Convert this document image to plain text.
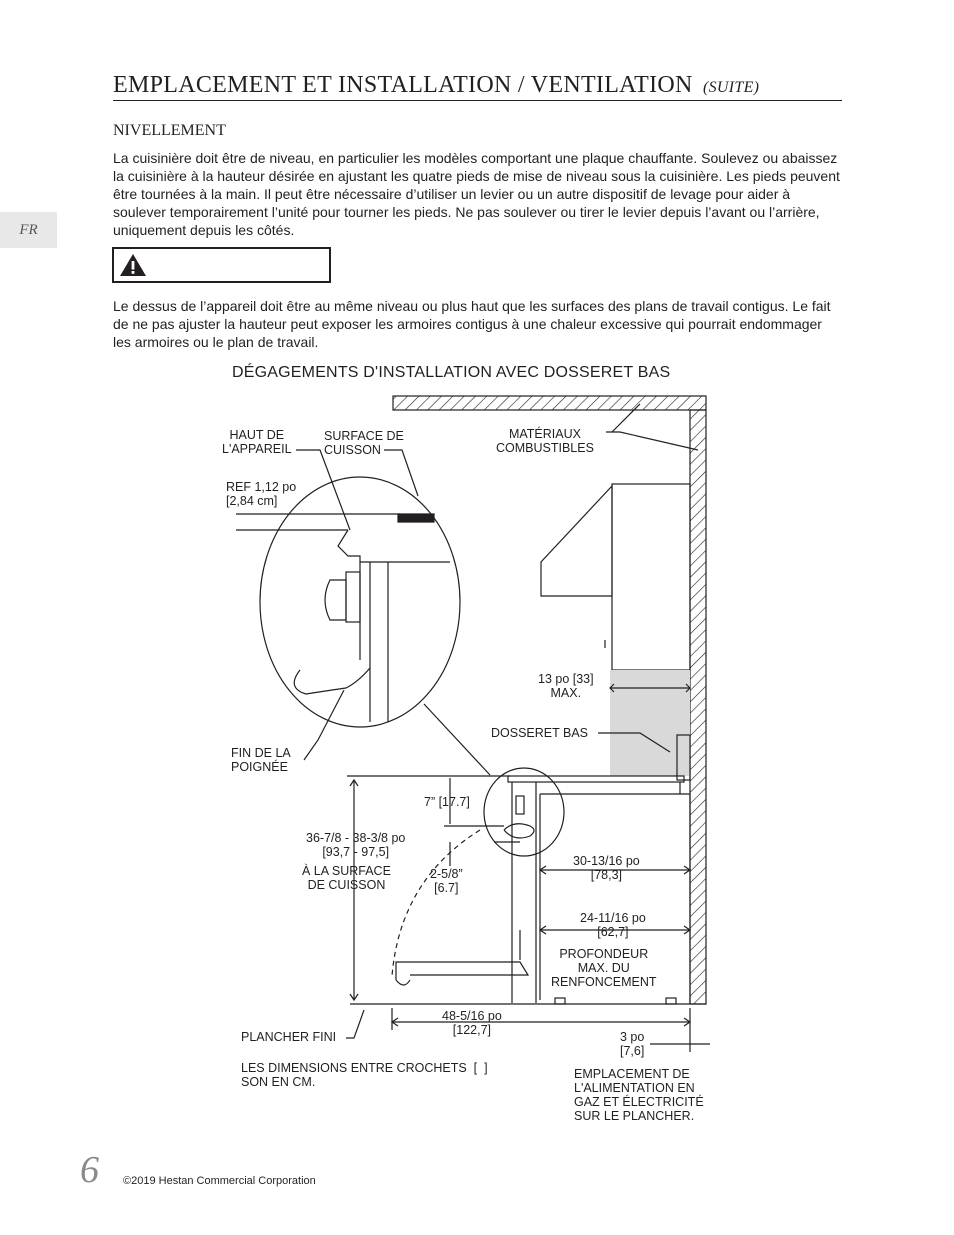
EMPLACEMENT ET INSTALLATION / VENTILATION (SUITE)
FR
NIVELLEMENT
La cuisinière doit être de niveau, en particulier les modèles comportant une plaque chauffante. Soulevez ou abaissez la cuisinière à la hauteur désirée en ajustant les quatre pieds de mise de niveau sous la cuisinière. Les pieds peuvent être tournées à la main. Il peut être nécessaire d’utiliser un levier ou un autre dispositif de levage pour aider à soulever temporairement l’unité pour tourner les pieds. Ne pas soulever ou tirer le levier depuis l’avant ou l’arrière, uniquement depuis les côtés.
Le dessus de l’appareil doit être au même niveau ou plus haut que les surfaces des plans de travail contigus. Le fait de ne pas ajuster la hauteur peut exposer les armoires contigus à une chaleur excessive qui pourrait endommager les armoires ou le plan de travail.
DÉGAGEMENTS D'INSTALLATION AVEC DOSSERET BAS
HAUT DE
L'APPAREIL
SURFACE DE
CUISSON
MATÉRIAUX
COMBUSTIBLES
REF 1,12 po
[2,84 cm]
13 po [33]
MAX.
DOSSERET BAS
FIN DE LA
POIGNÉE
7” [17.7]
36-7/8 - 38-3/8 po
[93,7 - 97,5]
À LA SURFACE
DE CUISSON
2-5/8”
[6.7]
30-13/16 po
[78,3]
24-11/16 po
[62,7]
PROFONDEUR
MAX. DU
RENFONCEMENT
48-5/16 po
[122,7]
PLANCHER FINI	3 po
[7,6]
LES DIMENSIONS ENTRE CROCHETS  [  ]
SON EN CM.
EMPLACEMENT DE
L'ALIMENTATION EN
GAZ ET ÉLECTRICITÉ
SUR LE PLANCHER.
6 ©2019 Hestan Commercial Corporation
